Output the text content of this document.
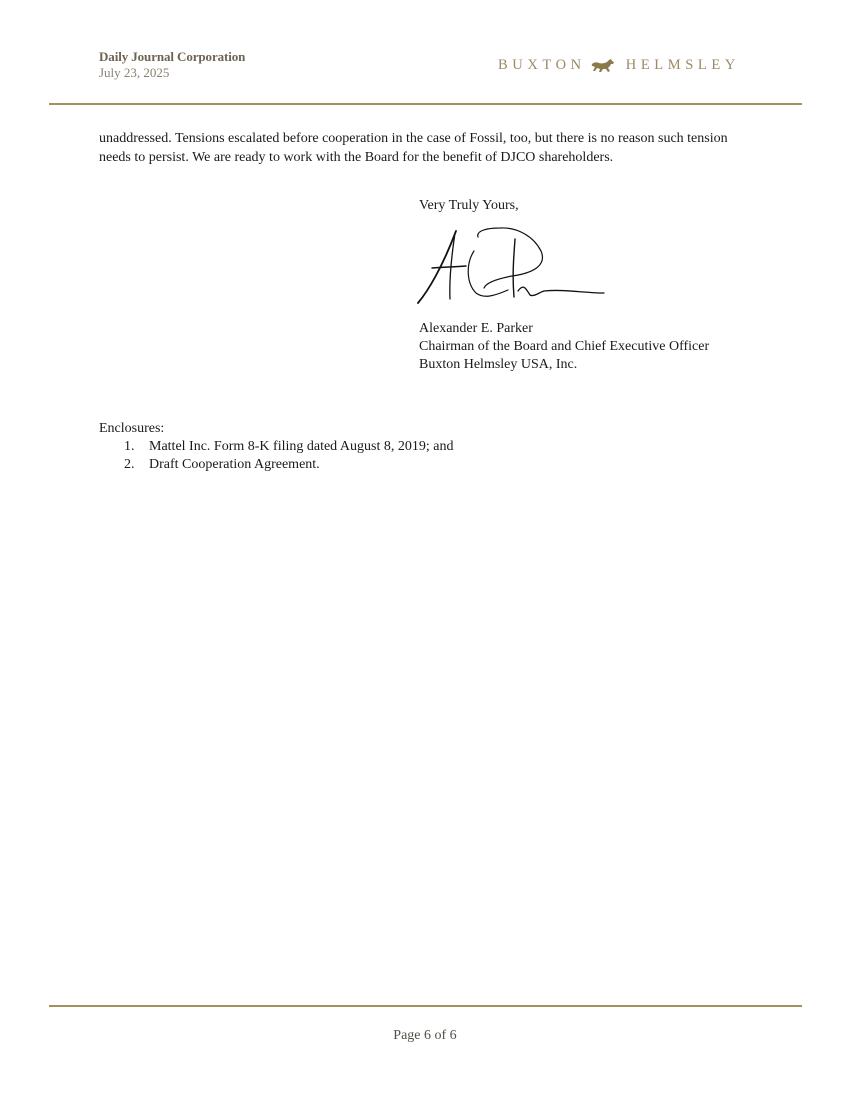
Daily Journal Corporation
July 23, 2025	BUXTON	HELMSLEY
unaddressed. Tensions escalated before cooperation in the case of Fossil, too, but there is no reason such tension
needs to persist. We are ready to work with the Board for the benefit of DJCO shareholders.
Very Truly Yours,
Alexander E. Parker
Chairman of the Board and Chief Executive Officer
Buxton Helmsley USA, Inc.
Enclosures:
1. Mattel Inc. Form 8-K filing dated August 8, 2019; and
2. Draft Cooperation Agreement.
Page 6 of 6
